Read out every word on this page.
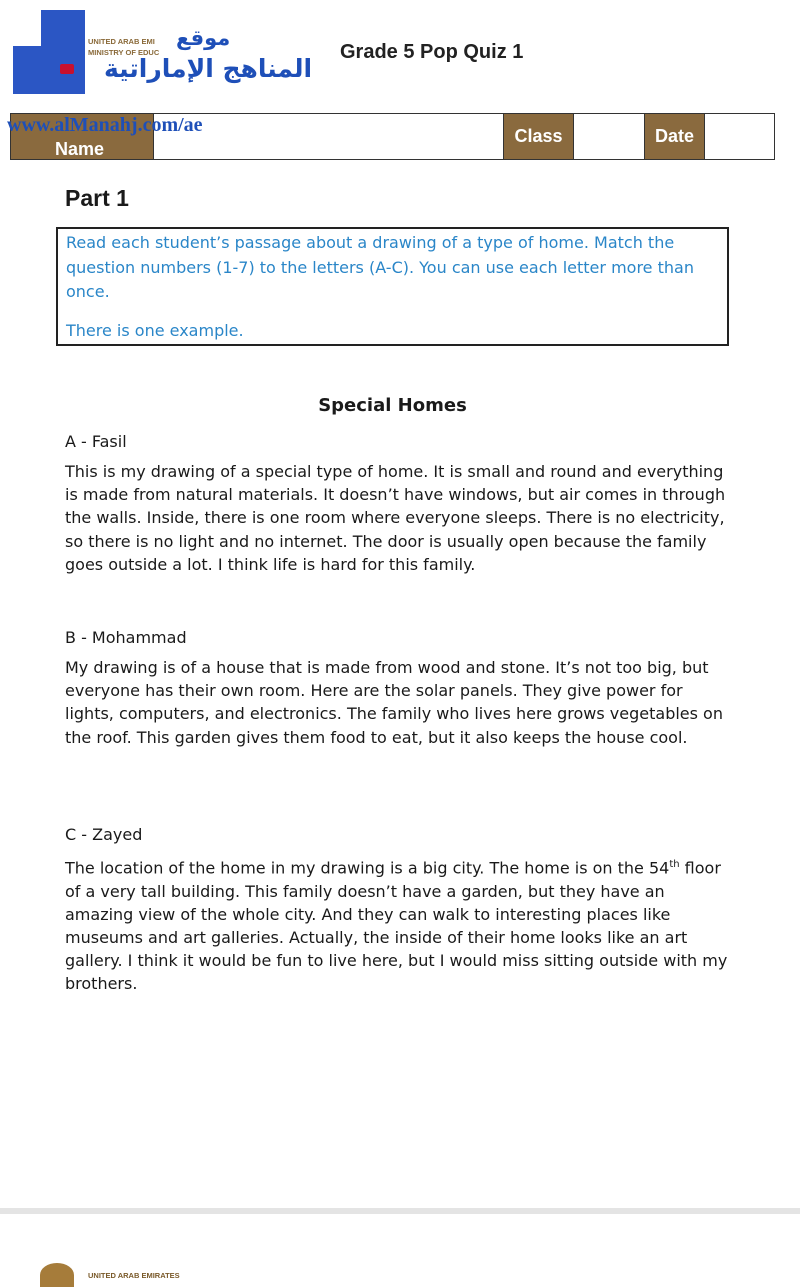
UNITED ARAB EMI
MINISTRY OF EDUC
موقع
المناهج الإماراتية
Grade 5 Pop Quiz 1
Name
Class	Date
www.alManahj.com/ae
Part 1

Read each student’s passage about a drawing of a type of home. Match the question numbers (1-7) to the letters (A-C). You can use each letter more than once.

There is one example.

Special Homes

A - Fasil

This is my drawing of a special type of home. It is small and round and everything is made from natural materials. It doesn’t have windows, but air comes in through the walls. Inside, there is one room where everyone sleeps. There is no electricity, so there is no light and no internet. The door is usually open because the family goes outside a lot. I think life is hard for this family.

B - Mohammad

My drawing is of a house that is made from wood and stone. It’s not too big, but everyone has their own room. Here are the solar panels. They give power for lights, computers, and electronics. The family who lives here grows vegetables on the roof. This garden gives them food to eat, but it also keeps the house cool.

C - Zayed

The location of the home in my drawing is a big city. The home is on the 54th floor of a very tall building. This family doesn’t have a garden, but they have an amazing view of the whole city. And they can walk to interesting places like museums and art galleries. Actually, the inside of their home looks like an art gallery. I think it would be fun to live here, but I would miss sitting outside with my brothers.

UNITED ARAB EMIRATES
